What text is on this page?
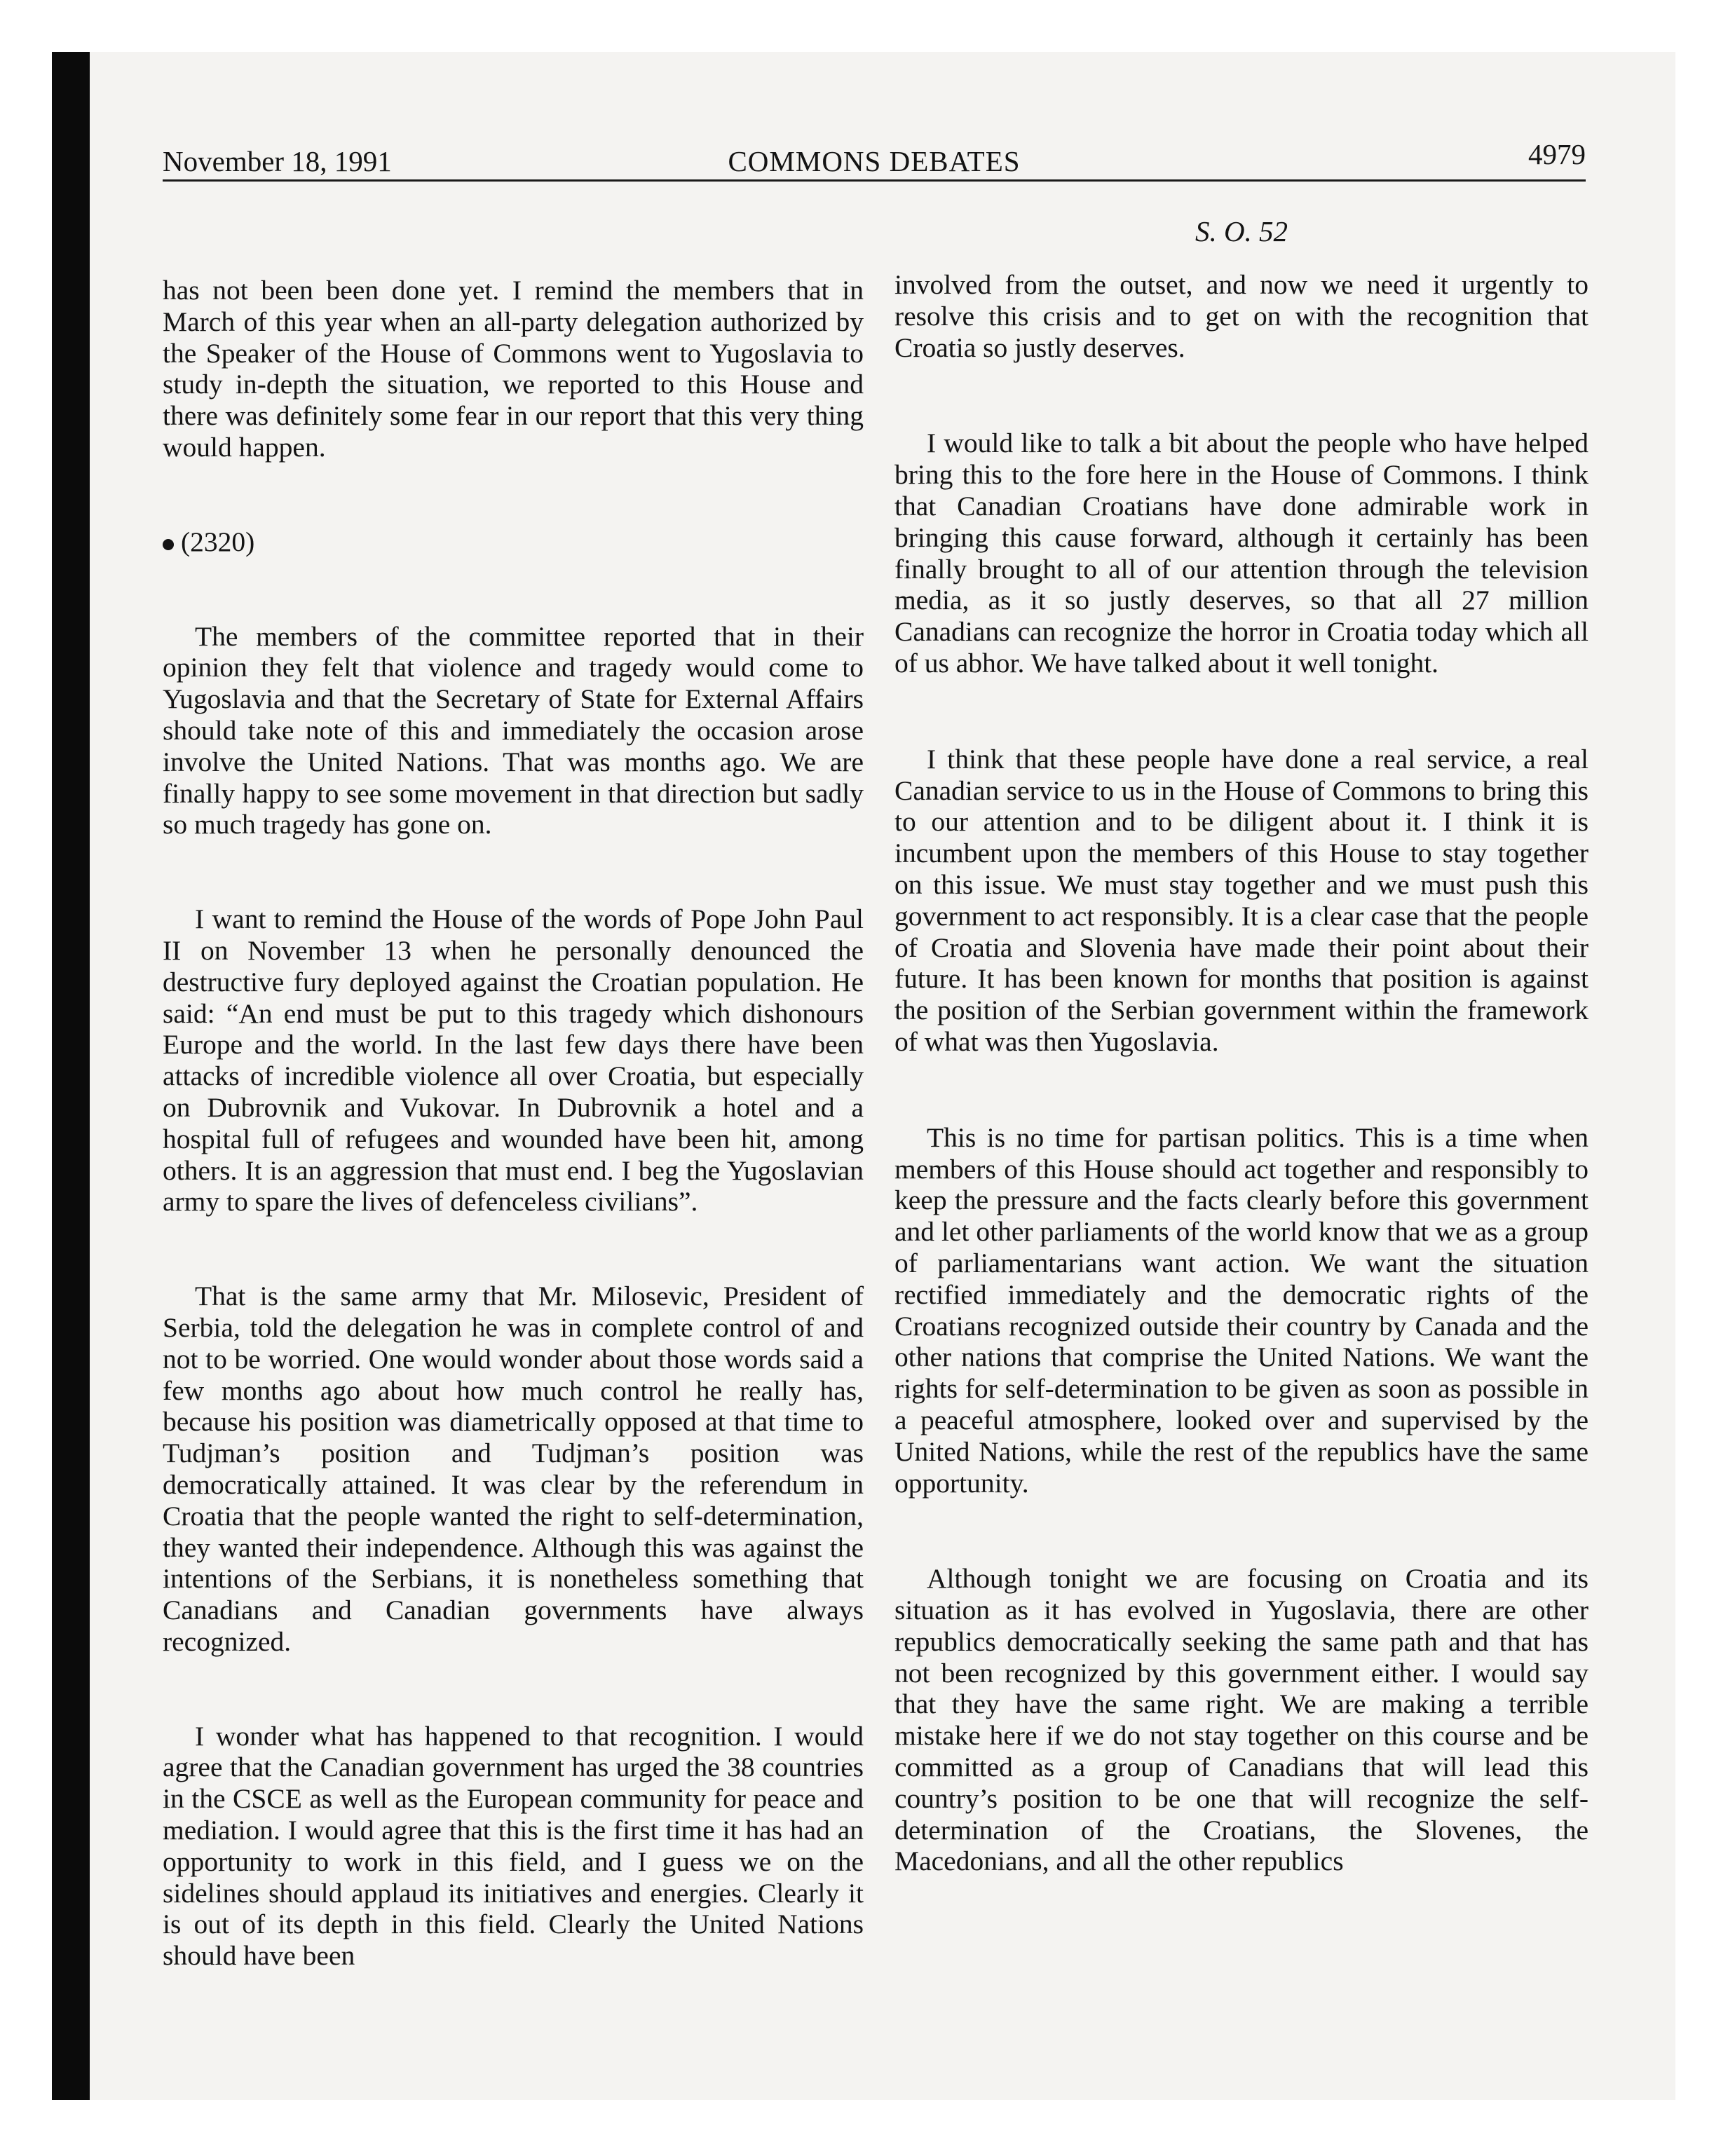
November 18, 1991	COMMONS DEBATES	4979
S. O. 52

has not been been done yet. I remind the members that in March of this year when an all-party delegation authorized by the Speaker of the House of Commons went to Yugoslavia to study in-depth the situation, we reported to this House and there was definitely some fear in our report that this very thing would happen.

(2320)

The members of the committee reported that in their opinion they felt that violence and tragedy would come to Yugoslavia and that the Secretary of State for External Affairs should take note of this and immediately the occasion arose involve the United Nations. That was months ago. We are finally happy to see some movement in that direction but sadly so much tragedy has gone on.

I want to remind the House of the words of Pope John Paul II on November 13 when he personally denounced the destructive fury deployed against the Croatian population. He said: “An end must be put to this tragedy which dishonours Europe and the world. In the last few days there have been attacks of incredible violence all over Croatia, but especially on Dubrovnik and Vukovar. In Dubrovnik a hotel and a hospital full of refugees and wounded have been hit, among others. It is an aggression that must end. I beg the Yugoslavian army to spare the lives of defenceless civilians”.

That is the same army that Mr. Milosevic, President of Serbia, told the delegation he was in complete control of and not to be worried. One would wonder about those words said a few months ago about how much control he really has, because his position was diametrically opposed at that time to Tudjman’s position and Tudjman’s position was democratically attained. It was clear by the referendum in Croatia that the people wanted the right to self-determination, they wanted their independence. Although this was against the intentions of the Serbians, it is nonetheless something that Canadians and Canadian governments have always recognized.

I wonder what has happened to that recognition. I would agree that the Canadian government has urged the 38 countries in the CSCE as well as the European community for peace and mediation. I would agree that this is the first time it has had an opportunity to work in this field, and I guess we on the sidelines should applaud its initiatives and energies. Clearly it is out of its depth in this field. Clearly the United Nations should have been

involved from the outset, and now we need it urgently to resolve this crisis and to get on with the recognition that Croatia so justly deserves.

I would like to talk a bit about the people who have helped bring this to the fore here in the House of Commons. I think that Canadian Croatians have done admirable work in bringing this cause forward, although it certainly has been finally brought to all of our attention through the television media, as it so justly deserves, so that all 27 million Canadians can recognize the horror in Croatia today which all of us abhor. We have talked about it well tonight.

I think that these people have done a real service, a real Canadian service to us in the House of Commons to bring this to our attention and to be diligent about it. I think it is incumbent upon the members of this House to stay together on this issue. We must stay together and we must push this government to act responsibly. It is a clear case that the people of Croatia and Slovenia have made their point about their future. It has been known for months that position is against the position of the Serbian government within the framework of what was then Yugoslavia.

This is no time for partisan politics. This is a time when members of this House should act together and responsibly to keep the pressure and the facts clearly before this government and let other parliaments of the world know that we as a group of parliamentarians want action. We want the situation rectified immediately and the democratic rights of the Croatians recognized outside their country by Canada and the other nations that comprise the United Nations. We want the rights for self-determination to be given as soon as possible in a peaceful atmosphere, looked over and supervised by the United Nations, while the rest of the republics have the same opportunity.

Although tonight we are focusing on Croatia and its situation as it has evolved in Yugoslavia, there are other republics democratically seeking the same path and that has not been recognized by this government either. I would say that they have the same right. We are making a terrible mistake here if we do not stay together on this course and be committed as a group of Canadians that will lead this country’s position to be one that will recognize the self-determination of the Croatians, the Slovenes, the Macedonians, and all the other republics
